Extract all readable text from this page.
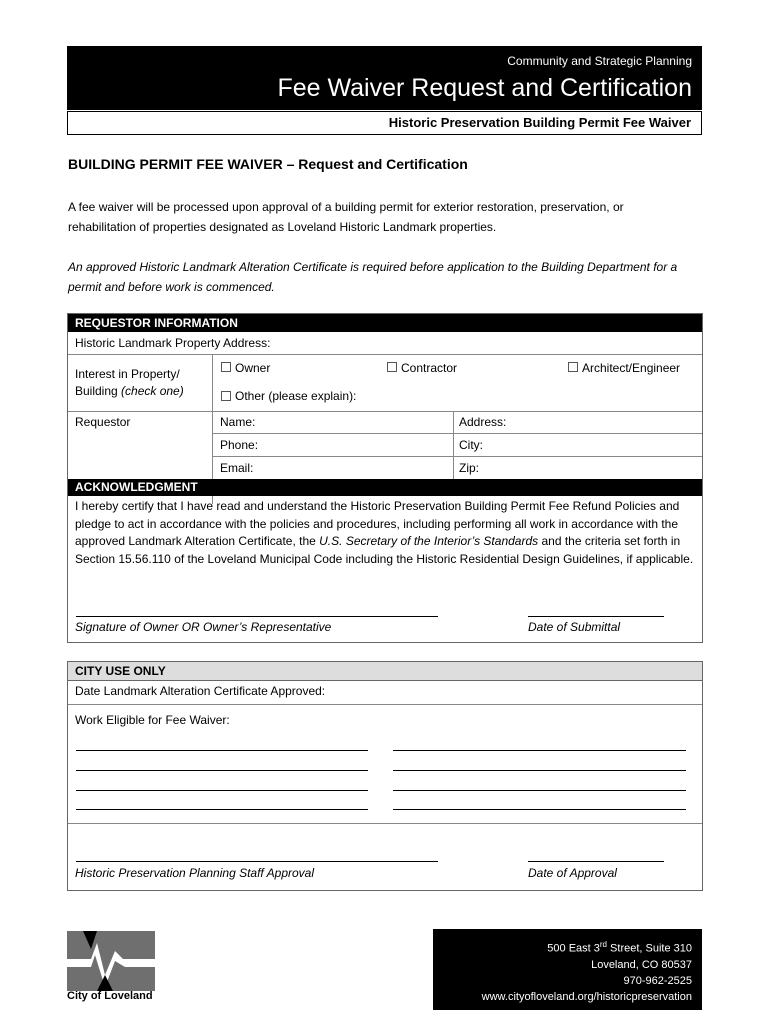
Community and Strategic Planning
Fee Waiver Request and Certification
Historic Preservation Building Permit Fee Waiver
BUILDING PERMIT FEE WAIVER – Request and Certification
A fee waiver will be processed upon approval of a building permit for exterior restoration, preservation, or rehabilitation of properties designated as Loveland Historic Landmark properties.
An approved Historic Landmark Alteration Certificate is required before application to the Building Department for a permit and before work is commenced.
REQUESTOR INFORMATION
Historic Landmark Property Address:
Interest in Property/
Building (check one)
Owner	Contractor	Architect/Engineer
Other (please explain):
Requestor	Name:	Address:
Phone:	City:
Email:	Zip:
ACKNOWLEDGMENT
I hereby certify that I have read and understand the Historic Preservation Building Permit Fee Refund Policies and pledge to act in accordance with the policies and procedures, including performing all work in accordance with the approved Landmark Alteration Certificate, the U.S. Secretary of the Interior’s Standards and the criteria set forth in Section 15.56.110 of the Loveland Municipal Code including the Historic Residential Design Guidelines, if applicable.
Signature of Owner OR Owner’s Representative	Date of Submittal
CITY USE ONLY
Date Landmark Alteration Certificate Approved:
Work Eligible for Fee Waiver:
Historic Preservation Planning Staff Approval	Date of Approval
City of Loveland
500 East 3rd Street, Suite 310
Loveland, CO 80537
970-962-2525
www.cityofloveland.org/historicpreservation
